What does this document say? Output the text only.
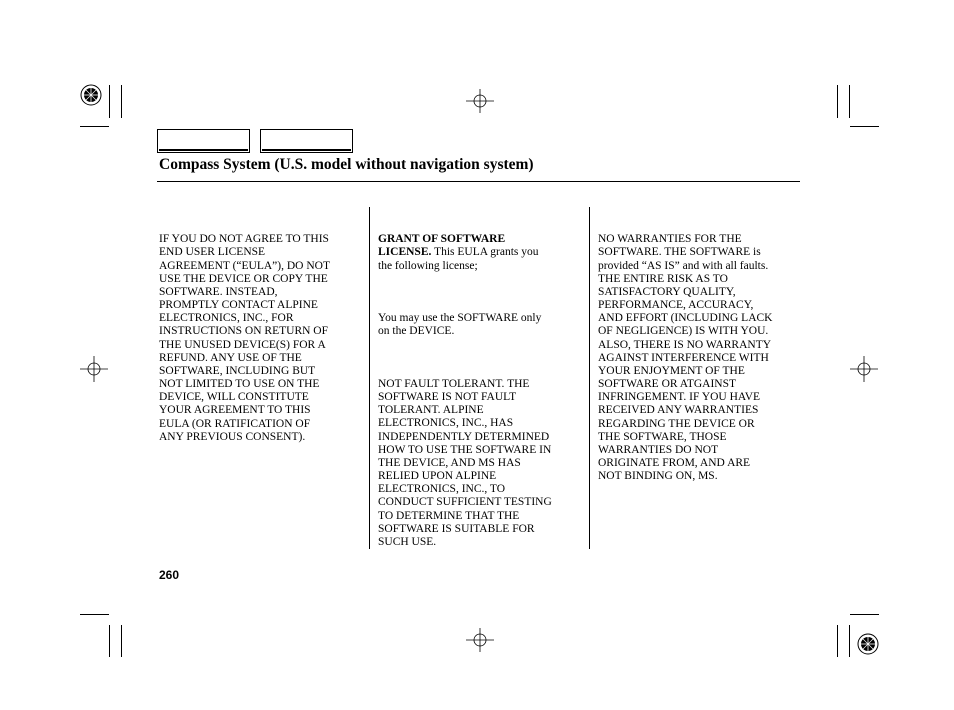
Compass System (U.S. model without navigation system)

IF YOU DO NOT AGREE TO THIS
END USER LICENSE
AGREEMENT (“EULA”), DO NOT
USE THE DEVICE OR COPY THE
SOFTWARE. INSTEAD,
PROMPTLY CONTACT ALPINE
ELECTRONICS, INC., FOR
INSTRUCTIONS ON RETURN OF
THE UNUSED DEVICE(S) FOR A
REFUND. ANY USE OF THE
SOFTWARE, INCLUDING BUT
NOT LIMITED TO USE ON THE
DEVICE, WILL CONSTITUTE
YOUR AGREEMENT TO THIS
EULA (OR RATIFICATION OF
ANY PREVIOUS CONSENT).

GRANT OF SOFTWARE
LICENSE. This EULA grants you
the following license;

You may use the SOFTWARE only
on the DEVICE.

NOT FAULT TOLERANT. THE
SOFTWARE IS NOT FAULT
TOLERANT. ALPINE
ELECTRONICS, INC., HAS
INDEPENDENTLY DETERMINED
HOW TO USE THE SOFTWARE IN
THE DEVICE, AND MS HAS
RELIED UPON ALPINE
ELECTRONICS, INC., TO
CONDUCT SUFFICIENT TESTING
TO DETERMINE THAT THE
SOFTWARE IS SUITABLE FOR
SUCH USE.

NO WARRANTIES FOR THE
SOFTWARE. THE SOFTWARE is
provided “AS IS” and with all faults.
THE ENTIRE RISK AS TO
SATISFACTORY QUALITY,
PERFORMANCE, ACCURACY,
AND EFFORT (INCLUDING LACK
OF NEGLIGENCE) IS WITH YOU.
ALSO, THERE IS NO WARRANTY
AGAINST INTERFERENCE WITH
YOUR ENJOYMENT OF THE
SOFTWARE OR ATGAINST
INFRINGEMENT. IF YOU HAVE
RECEIVED ANY WARRANTIES
REGARDING THE DEVICE OR
THE SOFTWARE, THOSE
WARRANTIES DO NOT
ORIGINATE FROM, AND ARE
NOT BINDING ON, MS.

260
